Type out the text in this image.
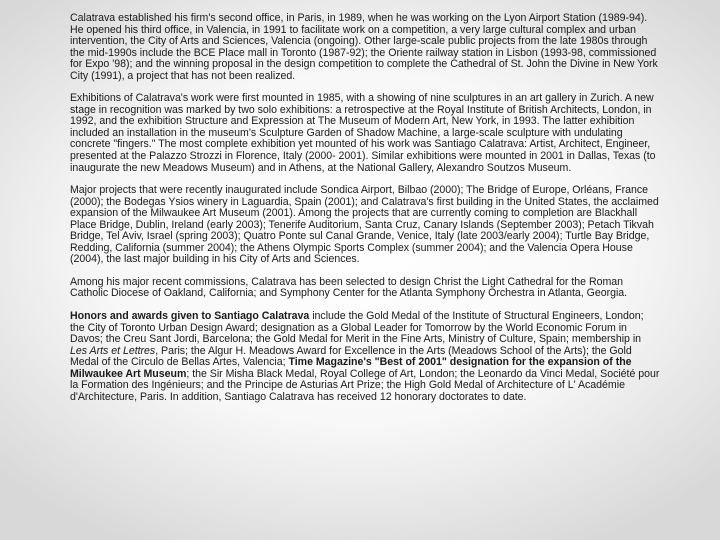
Calatrava established his firm's second office, in Paris, in 1989, when he was working on the Lyon Airport Station (1989-94). He opened his third office, in Valencia, in 1991 to facilitate work on a competition, a very large cultural complex and urban intervention, the City of Arts and Sciences, Valencia (ongoing). Other large-scale public projects from the late 1980s through the mid-1990s include the BCE Place mall in Toronto (1987-92); the Oriente railway station in Lisbon (1993-98, commissioned for Expo '98); and the winning proposal in the design competition to complete the Cathedral of St. John the Divine in New York City (1991), a project that has not been realized.

Exhibitions of Calatrava's work were first mounted in 1985, with a showing of nine sculptures in an art gallery in Zurich. A new stage in recognition was marked by two solo exhibitions: a retrospective at the Royal Institute of British Architects, London, in 1992, and the exhibition Structure and Expression at The Museum of Modern Art, New York, in 1993. The latter exhibition included an installation in the museum's Sculpture Garden of Shadow Machine, a large-scale sculpture with undulating concrete "fingers." The most complete exhibition yet mounted of his work was Santiago Calatrava: Artist, Architect, Engineer, presented at the Palazzo Strozzi in Florence, Italy (2000- 2001). Similar exhibitions were mounted in 2001 in Dallas, Texas (to inaugurate the new Meadows Museum) and in Athens, at the National Gallery, Alexandro Soutzos Museum.

Major projects that were recently inaugurated include Sondica Airport, Bilbao (2000); The Bridge of Europe, Orléans, France (2000); the Bodegas Ysios winery in Laguardia, Spain (2001); and Calatrava's first building in the United States, the acclaimed expansion of the Milwaukee Art Museum (2001). Among the projects that are currently coming to completion are Blackhall Place Bridge, Dublin, Ireland (early 2003); Tenerife Auditorium, Santa Cruz, Canary Islands (September 2003); Petach Tikvah Bridge, Tel Aviv, Israel (spring 2003); Quatro Ponte sul Canal Grande, Venice, Italy (late 2003/early 2004); Turtle Bay Bridge, Redding, California (summer 2004); the Athens Olympic Sports Complex (summer 2004); and the Valencia Opera House (2004), the last major building in his City of Arts and Sciences.

Among his major recent commissions, Calatrava has been selected to design Christ the Light Cathedral for the Roman Catholic Diocese of Oakland, California; and Symphony Center for the Atlanta Symphony Orchestra in Atlanta, Georgia.

Honors and awards given to Santiago Calatrava include the Gold Medal of the Institute of Structural Engineers, London; the City of Toronto Urban Design Award; designation as a Global Leader for Tomorrow by the World Economic Forum in Davos; the Creu Sant Jordi, Barcelona; the Gold Medal for Merit in the Fine Arts, Ministry of Culture, Spain; membership in Les Arts et Lettres, Paris; the Algur H. Meadows Award for Excellence in the Arts (Meadows School of the Arts); the Gold Medal of the Circulo de Bellas Artes, Valencia; Time Magazine's "Best of 2001" designation for the expansion of the Milwaukee Art Museum; the Sir Misha Black Medal, Royal College of Art, London; the Leonardo da Vinci Medal, Société pour la Formation des Ingénieurs; and the Principe de Asturias Art Prize; the High Gold Medal of Architecture of L' Académie d'Architecture, Paris. In addition, Santiago Calatrava has received 12 honorary doctorates to date.
